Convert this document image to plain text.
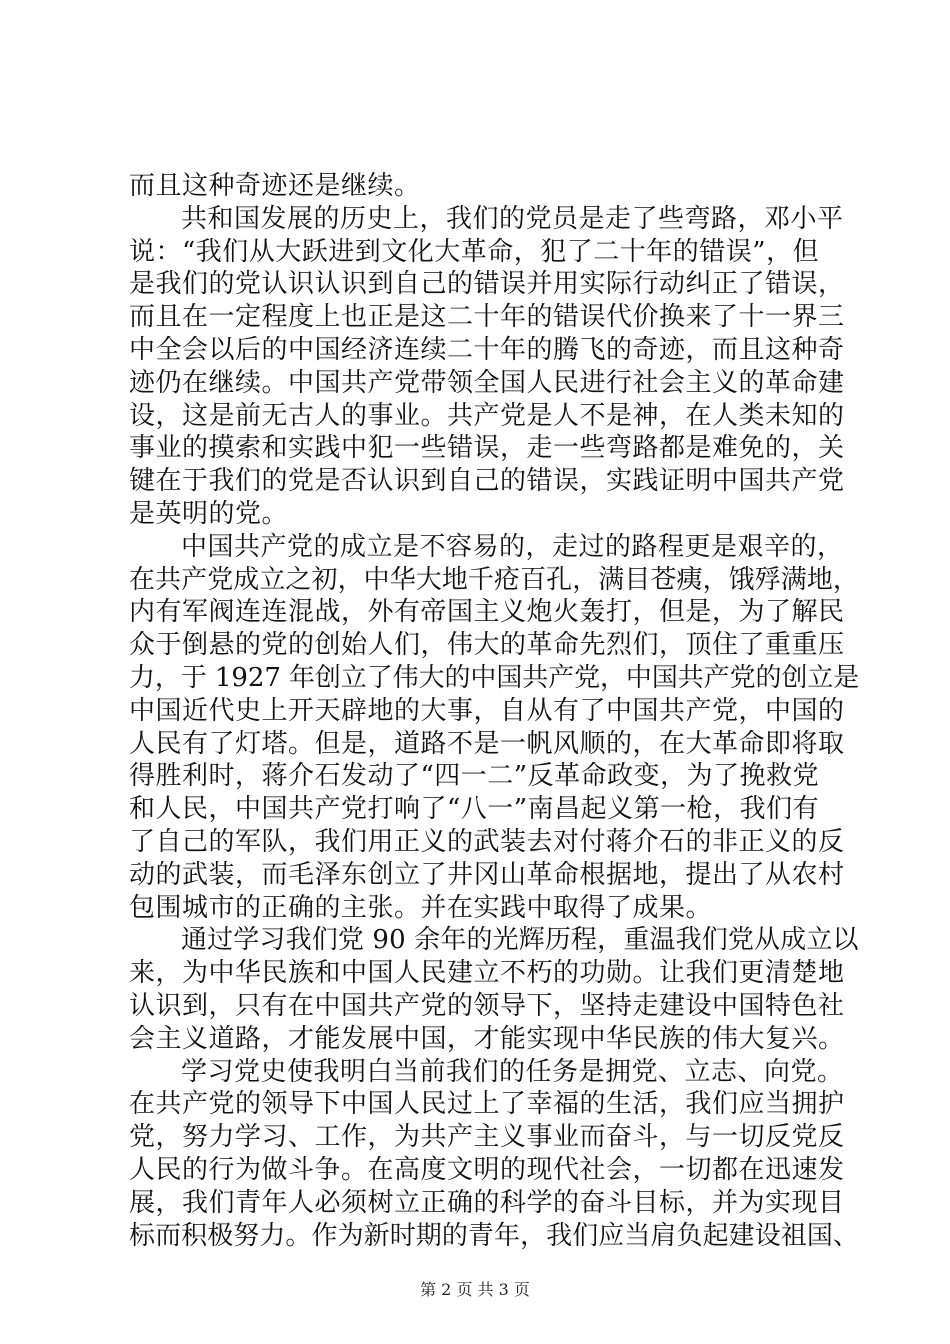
而且这种奇迹还是继续。
共和国发展的历史上，我们的党员是走了些弯路，邓小平
说：“我们从大跃进到文化大革命，犯了二十年的错误”，但
是我们的党认识认识到自己的错误并用实际行动纠正了错误，
而且在一定程度上也正是这二十年的错误代价换来了十一界三
中全会以后的中国经济连续二十年的腾飞的奇迹，而且这种奇
迹仍在继续。中国共产党带领全国人民进行社会主义的革命建
设，这是前无古人的事业。共产党是人不是神，在人类未知的
事业的摸索和实践中犯一些错误，走一些弯路都是难免的，关
键在于我们的党是否认识到自己的错误，实践证明中国共产党
是英明的党。
中国共产党的成立是不容易的，走过的路程更是艰辛的，
在共产党成立之初，中华大地千疮百孔，满目苍痍，饿殍满地，
内有军阀连连混战，外有帝国主义炮火轰打，但是，为了解民
众于倒悬的党的创始人们，伟大的革命先烈们，顶住了重重压
力，于 1927 年创立了伟大的中国共产党，中国共产党的创立是
中国近代史上开天辟地的大事，自从有了中国共产党，中国的
人民有了灯塔。但是，道路不是一帆风顺的，在大革命即将取
得胜利时，蒋介石发动了“四一二”反革命政变，为了挽救党
和人民，中国共产党打响了“八一”南昌起义第一枪，我们有
了自己的军队，我们用正义的武装去对付蒋介石的非正义的反
动的武装，而毛泽东创立了井冈山革命根据地，提出了从农村
包围城市的正确的主张。并在实践中取得了成果。
通过学习我们党 90 余年的光辉历程，重温我们党从成立以
来，为中华民族和中国人民建立不朽的功勋。让我们更清楚地
认识到，只有在中国共产党的领导下，坚持走建设中国特色社
会主义道路，才能发展中国，才能实现中华民族的伟大复兴。
学习党史使我明白当前我们的任务是拥党、立志、向党。
在共产党的领导下中国人民过上了幸福的生活，我们应当拥护
党，努力学习、工作，为共产主义事业而奋斗，与一切反党反
人民的行为做斗争。在高度文明的现代社会，一切都在迅速发
展，我们青年人必须树立正确的科学的奋斗目标，并为实现目
标而积极努力。作为新时期的青年，我们应当肩负起建设祖国、
第 2 页 共 3 页
